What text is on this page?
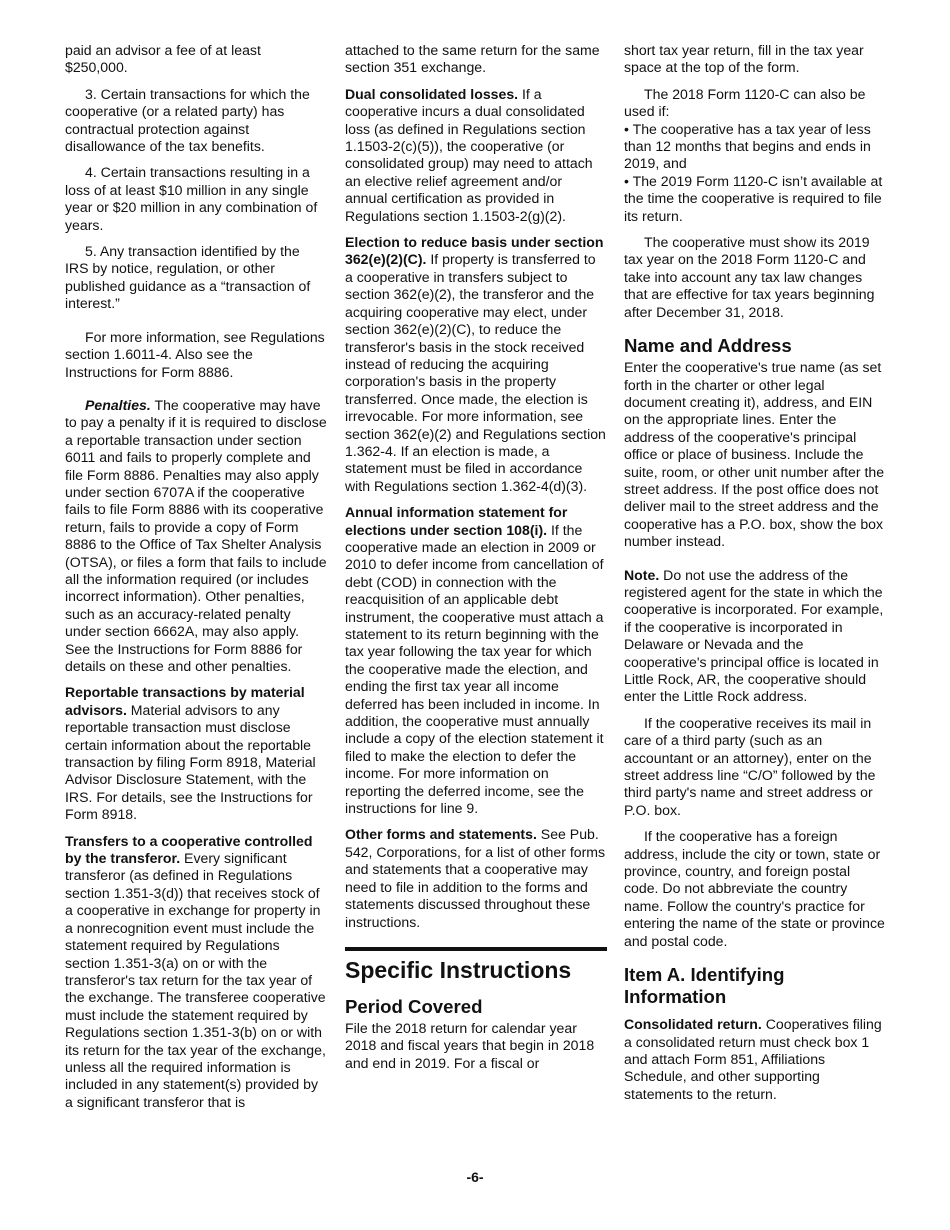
paid an advisor a fee of at least $250,000.

3. Certain transactions for which the cooperative (or a related party) has contractual protection against disallowance of the tax benefits.

4. Certain transactions resulting in a loss of at least $10 million in any single year or $20 million in any combination of years.

5. Any transaction identified by the IRS by notice, regulation, or other published guidance as a “transaction of interest.”

For more information, see Regulations section 1.6011-4. Also see the Instructions for Form 8886.

Penalties. The cooperative may have to pay a penalty if it is required to disclose a reportable transaction under section 6011 and fails to properly complete and file Form 8886. Penalties may also apply under section 6707A if the cooperative fails to file Form 8886 with its cooperative return, fails to provide a copy of Form 8886 to the Office of Tax Shelter Analysis (OTSA), or files a form that fails to include all the information required (or includes incorrect information). Other penalties, such as an accuracy-related penalty under section 6662A, may also apply. See the Instructions for Form 8886 for details on these and other penalties.

Reportable transactions by material advisors. Material advisors to any reportable transaction must disclose certain information about the reportable transaction by filing Form 8918, Material Advisor Disclosure Statement, with the IRS. For details, see the Instructions for Form 8918.

Transfers to a cooperative controlled by the transferor. Every significant transferor (as defined in Regulations section 1.351-3(d)) that receives stock of a cooperative in exchange for property in a nonrecognition event must include the statement required by Regulations section 1.351-3(a) on or with the transferor's tax return for the tax year of the exchange. The transferee cooperative must include the statement required by Regulations section 1.351-3(b) on or with its return for the tax year of the exchange, unless all the required information is included in any statement(s) provided by a significant transferor that is

attached to the same return for the same section 351 exchange.

Dual consolidated losses. If a cooperative incurs a dual consolidated loss (as defined in Regulations section 1.1503-2(c)(5)), the cooperative (or consolidated group) may need to attach an elective relief agreement and/or annual certification as provided in Regulations section 1.1503-2(g)(2).

Election to reduce basis under section 362(e)(2)(C). If property is transferred to a cooperative in transfers subject to section 362(e)(2), the transferor and the acquiring cooperative may elect, under section 362(e)(2)(C), to reduce the transferor's basis in the stock received instead of reducing the acquiring corporation's basis in the property transferred. Once made, the election is irrevocable. For more information, see section 362(e)(2) and Regulations section 1.362-4. If an election is made, a statement must be filed in accordance with Regulations section 1.362-4(d)(3).

Annual information statement for elections under section 108(i). If the cooperative made an election in 2009 or 2010 to defer income from cancellation of debt (COD) in connection with the reacquisition of an applicable debt instrument, the cooperative must attach a statement to its return beginning with the tax year following the tax year for which the cooperative made the election, and ending the first tax year all income deferred has been included in income. In addition, the cooperative must annually include a copy of the election statement it filed to make the election to defer the income. For more information on reporting the deferred income, see the instructions for line 9.

Other forms and statements. See Pub. 542, Corporations, for a list of other forms and statements that a cooperative may need to file in addition to the forms and statements discussed throughout these instructions.

Specific Instructions
Period Covered

File the 2018 return for calendar year 2018 and fiscal years that begin in 2018 and end in 2019. For a fiscal or

short tax year return, fill in the tax year space at the top of the form.

The 2018 Form 1120-C can also be used if:

• The cooperative has a tax year of less than 12 months that begins and ends in 2019, and

• The 2019 Form 1120-C isn’t available at the time the cooperative is required to file its return.

The cooperative must show its 2019 tax year on the 2018 Form 1120-C and take into account any tax law changes that are effective for tax years beginning after December 31, 2018.

Name and Address

Enter the cooperative's true name (as set forth in the charter or other legal document creating it), address, and EIN on the appropriate lines. Enter the address of the cooperative's principal office or place of business. Include the suite, room, or other unit number after the street address. If the post office does not deliver mail to the street address and the cooperative has a P.O. box, show the box number instead.

Note. Do not use the address of the registered agent for the state in which the cooperative is incorporated. For example, if the cooperative is incorporated in Delaware or Nevada and the cooperative's principal office is located in Little Rock, AR, the cooperative should enter the Little Rock address.

If the cooperative receives its mail in care of a third party (such as an accountant or an attorney), enter on the street address line “C/O” followed by the third party's name and street address or P.O. box.

If the cooperative has a foreign address, include the city or town, state or province, country, and foreign postal code. Do not abbreviate the country name. Follow the country's practice for entering the name of the state or province and postal code.

Item A. Identifying Information

Consolidated return. Cooperatives filing a consolidated return must check box 1 and attach Form 851, Affiliations Schedule, and other supporting statements to the return.

-6-
